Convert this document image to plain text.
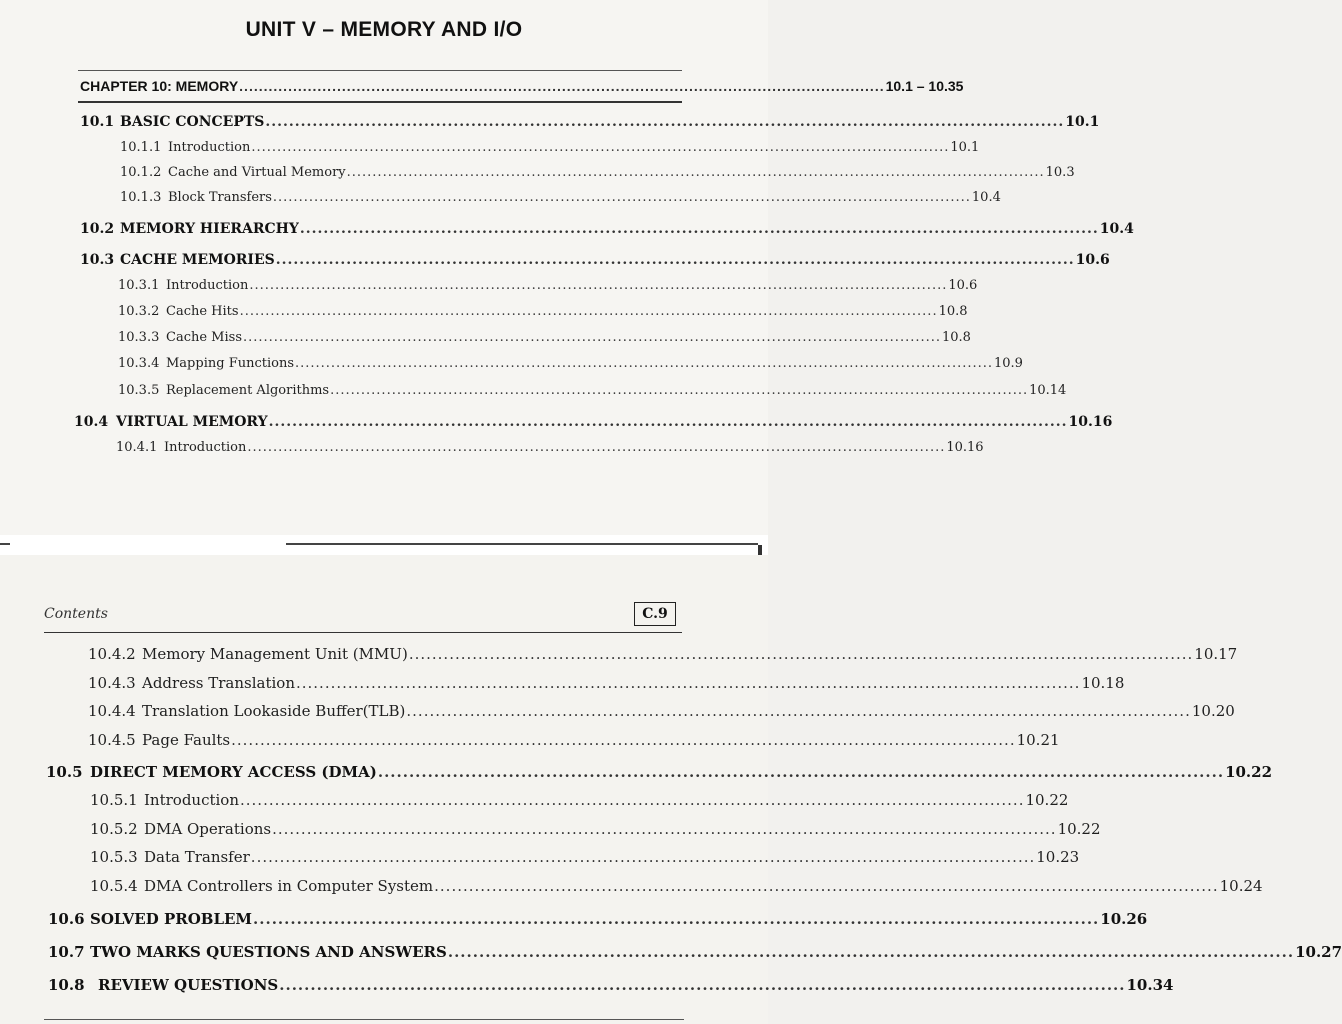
UNIT V – MEMORY AND I/O
CHAPTER 10: MEMORY .................................................................................................................................... 10.1 – 10.35
10.1 BASIC CONCEPTS ........................................................................................................................................ 10.1
10.1.1 Introduction ........................................................................................................................................ 10.1
10.1.2 Cache and Virtual Memory ........................................................................................................................................ 10.3
10.1.3 Block Transfers ........................................................................................................................................ 10.4
10.2 MEMORY HIERARCHY ........................................................................................................................................ 10.4
10.3 CACHE MEMORIES ........................................................................................................................................ 10.6
10.3.1 Introduction ........................................................................................................................................ 10.6
10.3.2 Cache Hits ........................................................................................................................................ 10.8
10.3.3 Cache Miss ........................................................................................................................................ 10.8
10.3.4 Mapping Functions ........................................................................................................................................ 10.9
10.3.5 Replacement Algorithms ........................................................................................................................................ 10.14
10.4 VIRTUAL MEMORY ........................................................................................................................................ 10.16
10.4.1 Introduction ........................................................................................................................................ 10.16
Contents	C.9
10.4.2 Memory Management Unit (MMU) ........................................................................................................................................ 10.17
10.4.3 Address Translation ........................................................................................................................................ 10.18
10.4.4 Translation Lookaside Buffer(TLB) ........................................................................................................................................ 10.20
10.4.5 Page Faults ........................................................................................................................................ 10.21
10.5 DIRECT MEMORY ACCESS (DMA) ........................................................................................................................................ 10.22
10.5.1 Introduction ........................................................................................................................................ 10.22
10.5.2 DMA Operations ........................................................................................................................................ 10.22
10.5.3 Data Transfer ........................................................................................................................................ 10.23
10.5.4 DMA Controllers in Computer System ........................................................................................................................................ 10.24
10.6 SOLVED PROBLEM ........................................................................................................................................ 10.26
10.7 TWO MARKS QUESTIONS AND ANSWERS ........................................................................................................................................ 10.27
10.8 REVIEW QUESTIONS ........................................................................................................................................ 10.34
